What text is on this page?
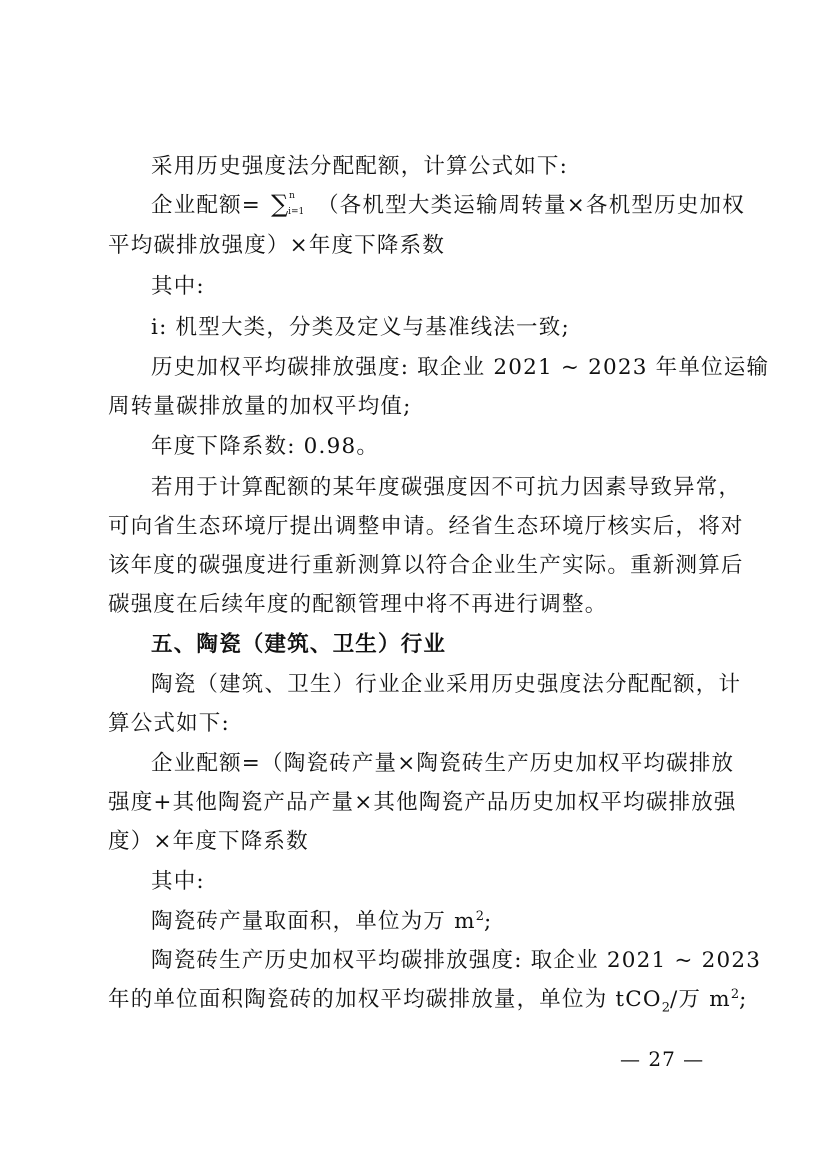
采用历史强度法分配配额，计算公式如下:
企业配额= ∑ n
i=1 （各机型大类运输周转量×各机型历史加权
平均碳排放强度）×年度下降系数
其中:
i: 机型大类，分类及定义与基准线法一致;
历史加权平均碳排放强度: 取企业 2021 ~ 2023 年单位运输
周转量碳排放量的加权平均值;
年度下降系数: 0.98。
若用于计算配额的某年度碳强度因不可抗力因素导致异常，
可向省生态环境厅提出调整申请。经省生态环境厅核实后，将对
该年度的碳强度进行重新测算以符合企业生产实际。重新测算后
碳强度在后续年度的配额管理中将不再进行调整。
五、陶瓷（建筑、卫生）行业
陶瓷（建筑、卫生）行业企业采用历史强度法分配配额，计
算公式如下:
企业配额=（陶瓷砖产量×陶瓷砖生产历史加权平均碳排放
强度+其他陶瓷产品产量×其他陶瓷产品历史加权平均碳排放强
度）×年度下降系数
其中:
陶瓷砖产量取面积，单位为万 $m^2$;
陶瓷砖生产历史加权平均碳排放强度: 取企业 2021 ~ 2023
年的单位面积陶瓷砖的加权平均碳排放量，单位为 tCO$_2$/万 $m^2$;
— 27 —
